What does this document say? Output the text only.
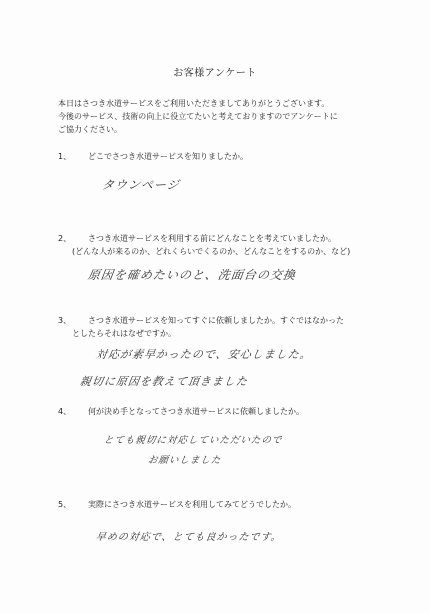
お客様アンケート
本日はさつき水道サービスをご利用いただきましてありがとうございます。
今後のサービス、技術の向上に役立てたいと考えておりますのでアンケートに
ご協力ください。
1、 どこでさつき水道サービスを知りましたか。
タウンページ
2、 さつき水道サービスを利用する前にどんなことを考えていましたか。
(どんな人が来るのか、どれくらいでくるのか、どんなことをするのか、など)
原因を確めたいのと、洗面台の交換
3、 さつき水道サービスを知ってすぐに依頼しましたか。すぐではなかった
としたらそれはなぜですか。
対応が素早かったので、安心しました。
親切に原因を教えて頂きました
4、 何が決め手となってさつき水道サービスに依頼しましたか。
とても親切に対応していただいたので
お願いしました
5、 実際にさつき水道サービスを利用してみてどうでしたか。
早めの対応で、とても良かったです。
